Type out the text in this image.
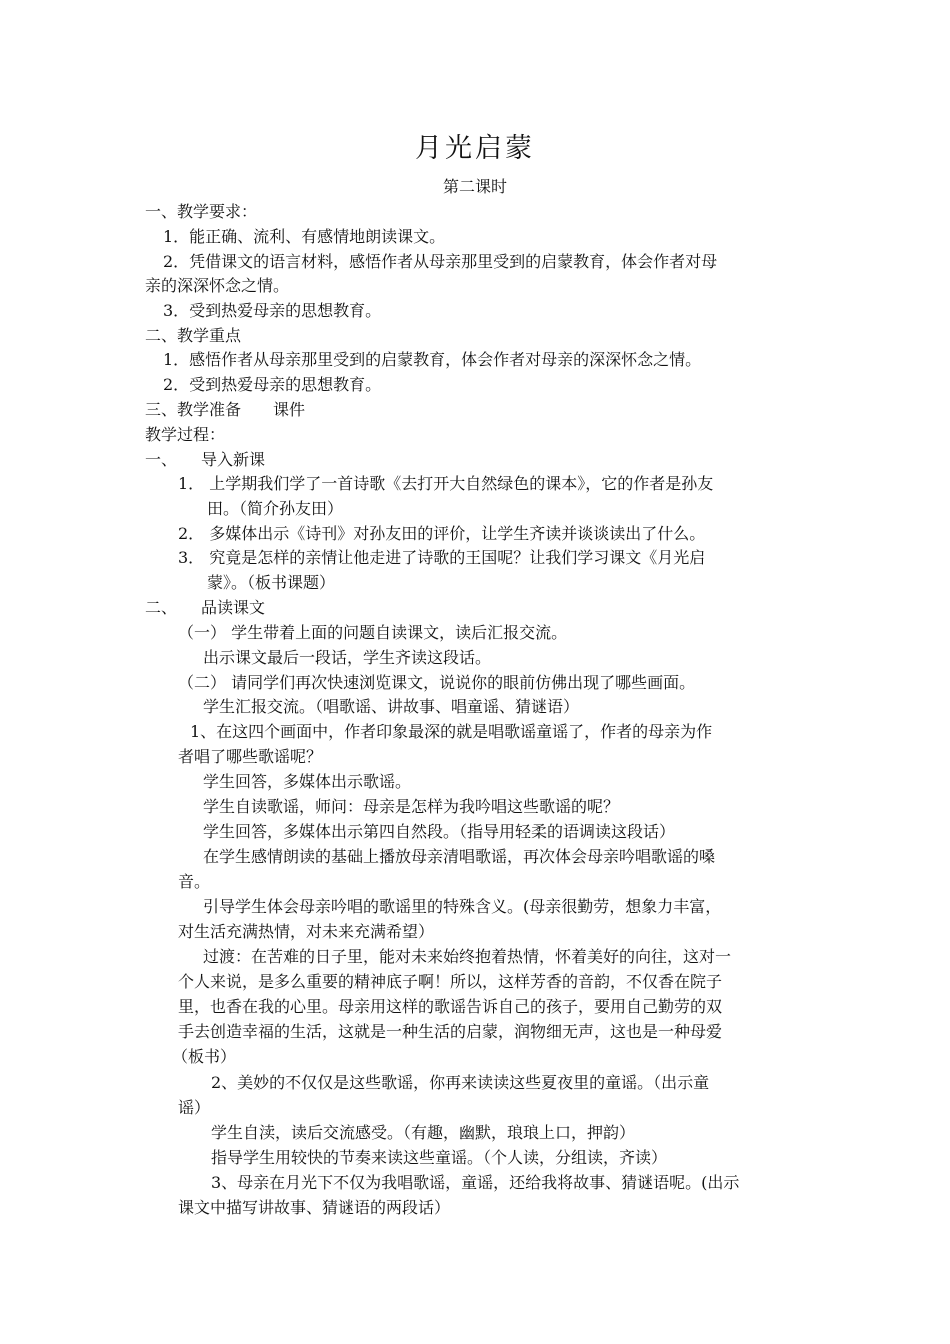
月光启蒙
第二课时
一、教学要求：
1．能正确、流利、有感情地朗读课文。
2．凭借课文的语言材料，感悟作者从母亲那里受到的启蒙教育，体会作者对母
亲的深深怀念之情。
3．受到热爱母亲的思想教育。
二、教学重点
1．感悟作者从母亲那里受到的启蒙教育，体会作者对母亲的深深怀念之情。
2．受到热爱母亲的思想教育。
三、教学准备　　课件
教学过程：
一、　　导入新课
1． 上学期我们学了一首诗歌《去打开大自然绿色的课本》，它的作者是孙友
田。（简介孙友田）
2． 多媒体出示《诗刊》对孙友田的评价，让学生齐读并谈谈读出了什么。
3． 究竟是怎样的亲情让他走进了诗歌的王国呢？让我们学习课文《月光启
蒙》。（板书课题）
二、　　品读课文
（一） 学生带着上面的问题自读课文，读后汇报交流。
出示课文最后一段话，学生齐读这段话。
（二） 请同学们再次快速浏览课文，说说你的眼前仿佛出现了哪些画面。
学生汇报交流。（唱歌谣、讲故事、唱童谣、猜谜语）
1、在这四个画面中，作者印象最深的就是唱歌谣童谣了，作者的母亲为作
者唱了哪些歌谣呢？
学生回答，多媒体出示歌谣。
学生自读歌谣，师问：母亲是怎样为我吟唱这些歌谣的呢？
学生回答，多媒体出示第四自然段。（指导用轻柔的语调读这段话）
在学生感情朗读的基础上播放母亲清唱歌谣，再次体会母亲吟唱歌谣的嗓
音。
引导学生体会母亲吟唱的歌谣里的特殊含义。(母亲很勤劳，想象力丰富，
对生活充满热情，对未来充满希望）
过渡：在苦难的日子里，能对未来始终抱着热情，怀着美好的向往，这对一
个人来说，是多么重要的精神底子啊！所以，这样芳香的音韵，不仅香在院子
里，也香在我的心里。母亲用这样的歌谣告诉自己的孩子，要用自己勤劳的双
手去创造幸福的生活，这就是一种生活的启蒙，润物细无声，这也是一种母爱
（板书）
2、美妙的不仅仅是这些歌谣，你再来读读这些夏夜里的童谣。（出示童
谣）
学生自渎，读后交流感受。（有趣，幽默，琅琅上口，押韵）
指导学生用较快的节奏来读这些童谣。（个人读，分组读，齐读）
3、母亲在月光下不仅为我唱歌谣，童谣，还给我将故事、猜谜语呢。(出示
课文中描写讲故事、猜谜语的两段话）
